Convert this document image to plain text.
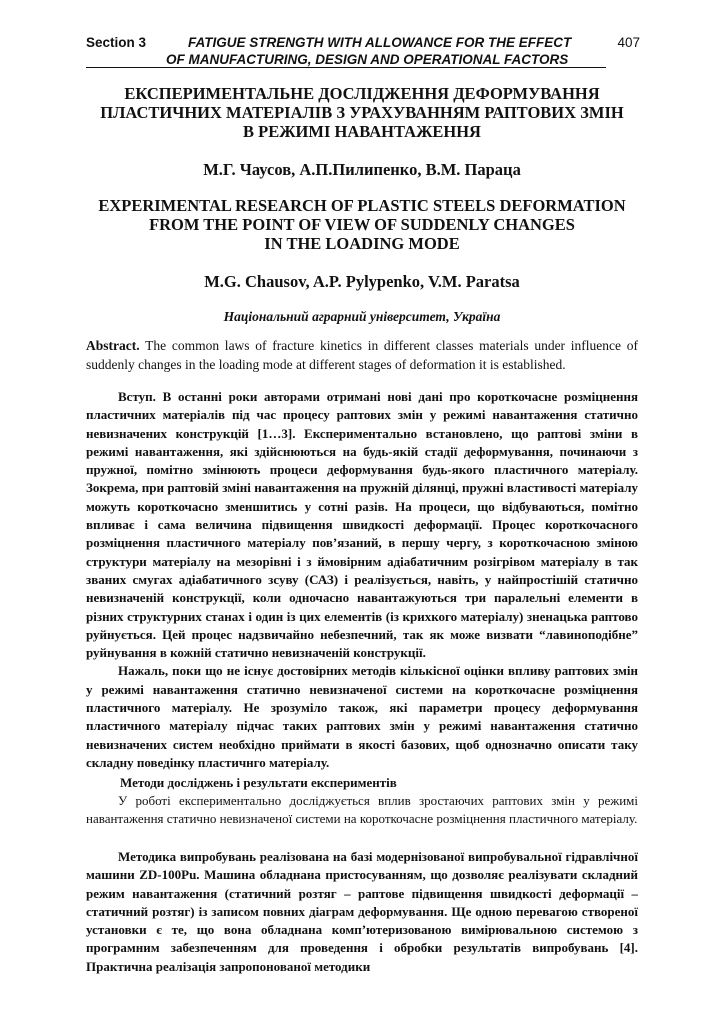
Section 3	FATIGUE STRENGTH WITH ALLOWANCE FOR THE EFFECT	407
OF MANUFACTURING, DESIGN AND OPERATIONAL FACTORS
ЕКСПЕРИМЕНТАЛЬНЕ ДОСЛІДЖЕННЯ ДЕФОРМУВАННЯ
ПЛАСТИЧНИХ МАТЕРІАЛІВ З УРАХУВАННЯМ РАПТОВИХ ЗМІН
В РЕЖИМІ НАВАНТАЖЕННЯ
М.Г. Чаусов, А.П.Пилипенко, В.М. Параца
EXPERIMENTAL RESEARCH OF PLASTIC STEELS DEFORMATION
FROM THE POINT OF VIEW OF SUDDENLY CHANGES
IN THE LOADING MODE
M.G. Chausov, A.P. Pylypenko, V.M. Paratsa
Національний аграрний університет, Україна
Abstract. The common laws of fracture kinetics in different classes materials under influence of suddenly changes in the loading mode at different stages of deformation it is established.

Вступ. В останні роки авторами отримані нові дані про короткочасне розміцнення пластичних матеріалів під час процесу раптових змін у режимі навантаження статично невизначених конструкцій [1…3]. Експериментально встановлено, що раптові зміни в режимі навантаження, які здійснюються на будь-якій стадії деформування, починаючи з пружної, помітно змінюють процеси деформування будь-якого пластичного матеріалу. Зокрема, при раптовій зміні навантаження на пружній ділянці, пружні властивості матеріалу можуть короткочасно зменшитись у сотні разів. На процеси, що відбуваються, помітно впливає і сама величина підвищення швидкості деформації. Процес короткочасного розміцнення пластичного матеріалу пов’язаний, в першу чергу, з короткочасною зміною структури матеріалу на мезорівні і з ймовірним адіабатичним розігрівом матеріалу в так званих смугах адіабатичного зсуву (САЗ) і реалізується, навіть, у найпростішій статично невизначеній конструкції, коли одночасно навантажуються три паралельні елементи в різних структурних станах і один із цих елементів (із крихкого матеріалу) зненацька раптово руйнується. Цей процес надзвичайно небезпечний, так як може визвати “лавиноподібне” руйнування в кожній статично невизначеній конструкції.

Нажаль, поки що не існує достовірних методів кількісної оцінки впливу раптових змін у режимі навантаження статично невизначеної системи на короткочасне розміцнення пластичного матеріалу. Не зрозуміло також, які параметри процесу деформування пластичного матеріалу підчас таких раптових змін у режимі навантаження статично невизначених систем необхідно приймати в якості базових, щоб однозначно описати таку складну поведінку пластичнго матеріалу.

Методи досліджень і результати експериментів

У роботі експериментально досліджується вплив зростаючих раптових змін у режимі навантаження статично невизначеної системи на короткочасне розміцнення пластичного матеріалу.

Методика випробувань реалізована на базі модернізованої випробувальної гідравлічної машини ZD-100Pu. Машина обладнана пристосуванням, що дозволяє реалізувати складний режим навантаження (статичний розтяг – раптове підвищення швидкості деформації – статичний розтяг) із записом повних діаграм деформування. Ще одною перевагою створеної установки є те, що вона обладнана комп’ютеризованою вимірювальною системою з програмним забезпеченням для проведення і обробки результатів випробувань [4]. Практична реалізація запропонованої методики
